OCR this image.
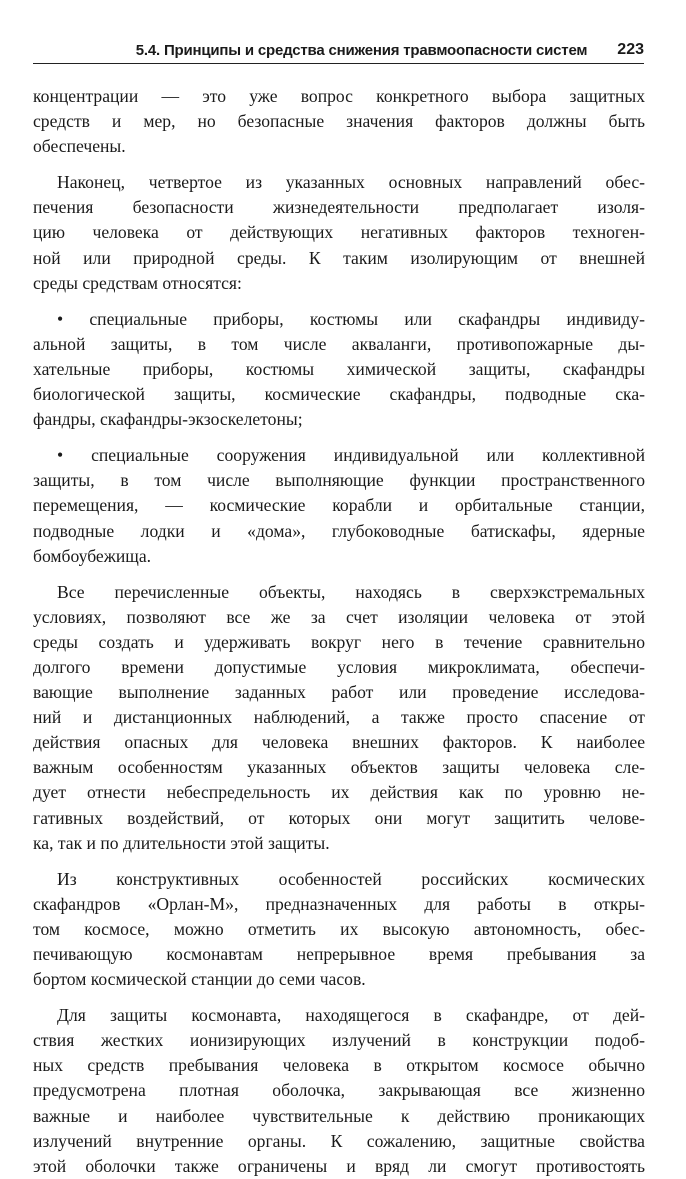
5.4. Принципы и средства снижения травмоопасности систем 223
концентрации — это уже вопрос конкретного выбора защитных
средств и мер, но безопасные значения факторов должны быть
обеспечены.
Наконец, четвертое из указанных основных направлений обес-
печения безопасности жизнедеятельности предполагает изоля-
цию человека от действующих негативных факторов техноген-
ной или природной среды. К таким изолирующим от внешней
среды средствам относятся:
• специальные приборы, костюмы или скафандры индивиду-
альной защиты, в том числе акваланги, противопожарные ды-
хательные приборы, костюмы химической защиты, скафандры
биологической защиты, космические скафандры, подводные ска-
фандры, скафандры-экзоскелетоны;
• специальные сооружения индивидуальной или коллективной
защиты, в том числе выполняющие функции пространственного
перемещения, — космические корабли и орбитальные станции,
подводные лодки и «дома», глубоководные батискафы, ядерные
бомбоубежища.
Все перечисленные объекты, находясь в сверхэкстремальных
условиях, позволяют все же за счет изоляции человека от этой
среды создать и удерживать вокруг него в течение сравнительно
долгого времени допустимые условия микроклимата, обеспечи-
вающие выполнение заданных работ или проведение исследова-
ний и дистанционных наблюдений, а также просто спасение от
действия опасных для человека внешних факторов. К наиболее
важным особенностям указанных объектов защиты человека сле-
дует отнести небеспредельность их действия как по уровню не-
гативных воздействий, от которых они могут защитить челове-
ка, так и по длительности этой защиты.
Из конструктивных особенностей российских космических
скафандров «Орлан-М», предназначенных для работы в откры-
том космосе, можно отметить их высокую автономность, обес-
печивающую космонавтам непрерывное время пребывания за
бортом космической станции до семи часов.
Для защиты космонавта, находящегося в скафандре, от дей-
ствия жестких ионизирующих излучений в конструкции подоб-
ных средств пребывания человека в открытом космосе обычно
предусмотрена плотная оболочка, закрывающая все жизненно
важные и наиболее чувствительные к действию проникающих
излучений внутренние органы. К сожалению, защитные свойства
этой оболочки также ограничены и вряд ли смогут противостоять
